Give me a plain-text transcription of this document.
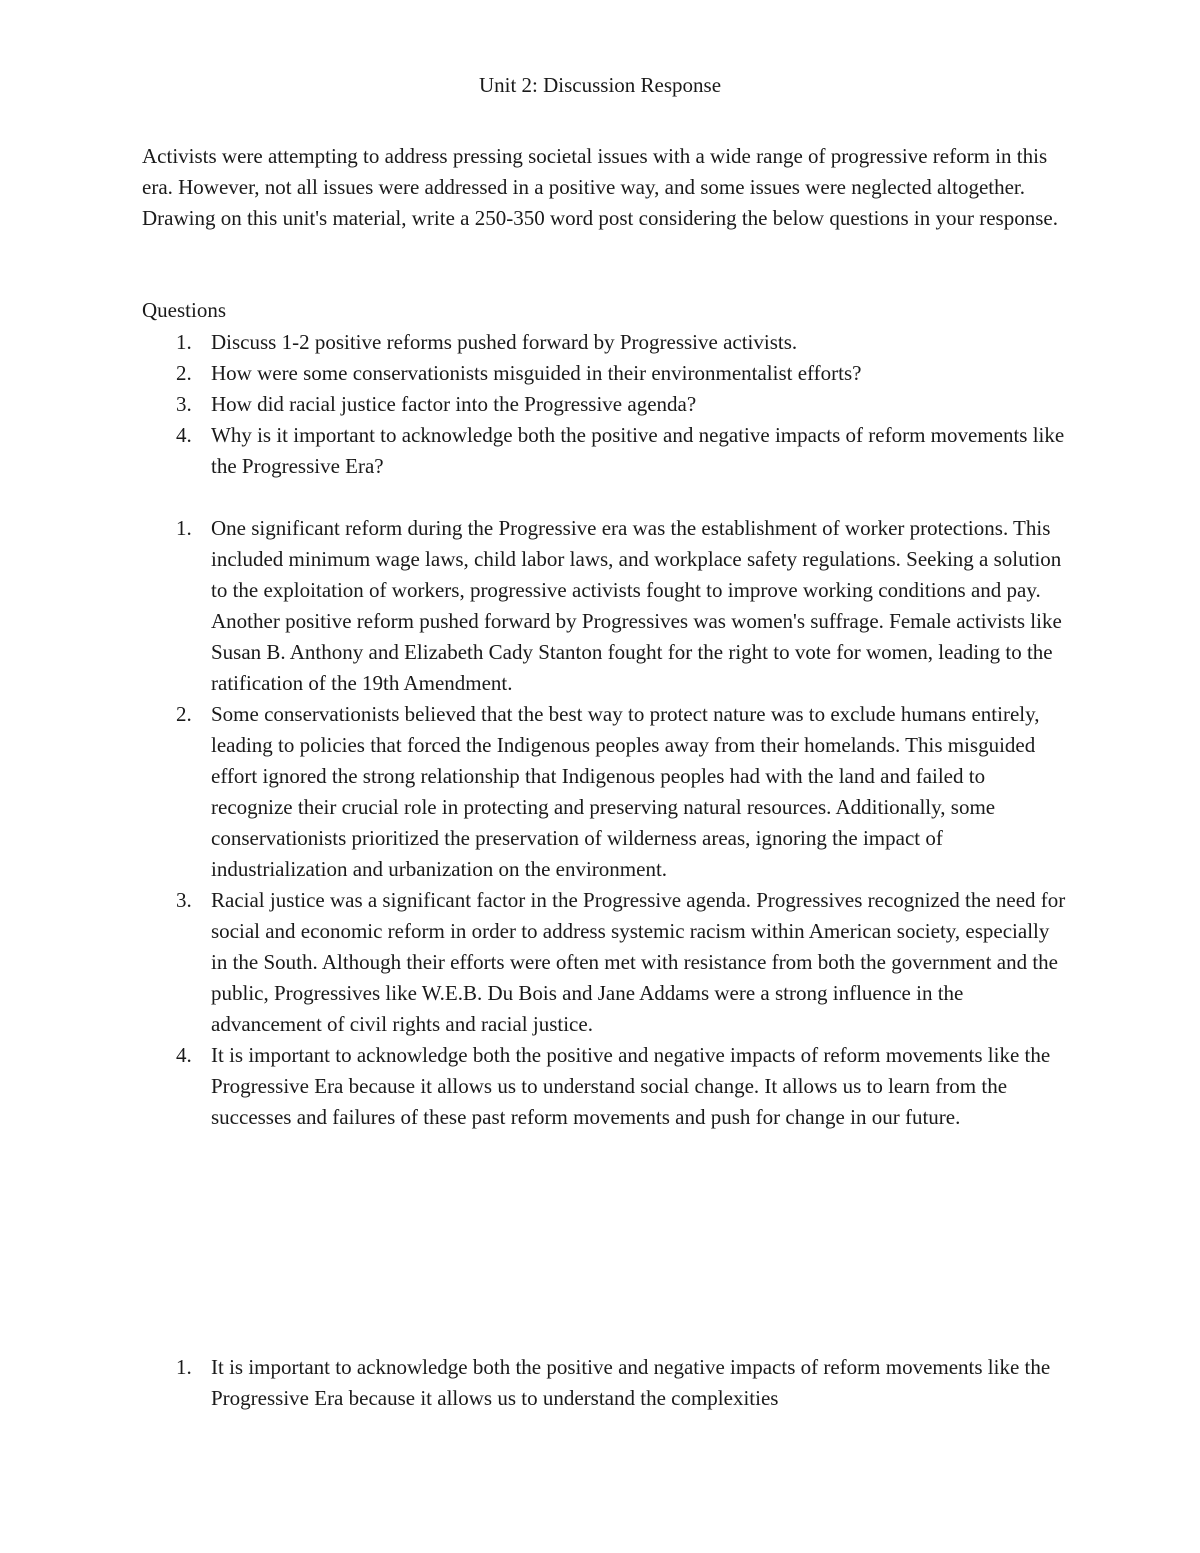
Unit 2: Discussion Response

Activists were attempting to address pressing societal issues with a wide range of progressive reform in this era. However, not all issues were addressed in a positive way, and some issues were neglected altogether. Drawing on this unit's material, write a 250-350 word post considering the below questions in your response.

Questions

1. Discuss 1-2 positive reforms pushed forward by Progressive activists.
2. How were some conservationists misguided in their environmentalist efforts?
3. How did racial justice factor into the Progressive agenda?
4. Why is it important to acknowledge both the positive and negative impacts of reform movements like the Progressive Era?
1. One significant reform during the Progressive era was the establishment of worker protections. This included minimum wage laws, child labor laws, and workplace safety regulations. Seeking a solution to the exploitation of workers, progressive activists fought to improve working conditions and pay. Another positive reform pushed forward by Progressives was women's suffrage. Female activists like Susan B. Anthony and Elizabeth Cady Stanton fought for the right to vote for women, leading to the ratification of the 19th Amendment.
2. Some conservationists believed that the best way to protect nature was to exclude humans entirely, leading to policies that forced the Indigenous peoples away from their homelands. This misguided effort ignored the strong relationship that Indigenous peoples had with the land and failed to recognize their crucial role in protecting and preserving natural resources. Additionally, some conservationists prioritized the preservation of wilderness areas, ignoring the impact of industrialization and urbanization on the environment.
3. Racial justice was a significant factor in the Progressive agenda. Progressives recognized the need for social and economic reform in order to address systemic racism within American society, especially in the South. Although their efforts were often met with resistance from both the government and the public, Progressives like W.E.B. Du Bois and Jane Addams were a strong influence in the advancement of civil rights and racial justice.
4. It is important to acknowledge both the positive and negative impacts of reform movements like the Progressive Era because it allows us to understand social change. It allows us to learn from the successes and failures of these past reform movements and push for change in our future.
1. It is important to acknowledge both the positive and negative impacts of reform movements like the Progressive Era because it allows us to understand the complexities
